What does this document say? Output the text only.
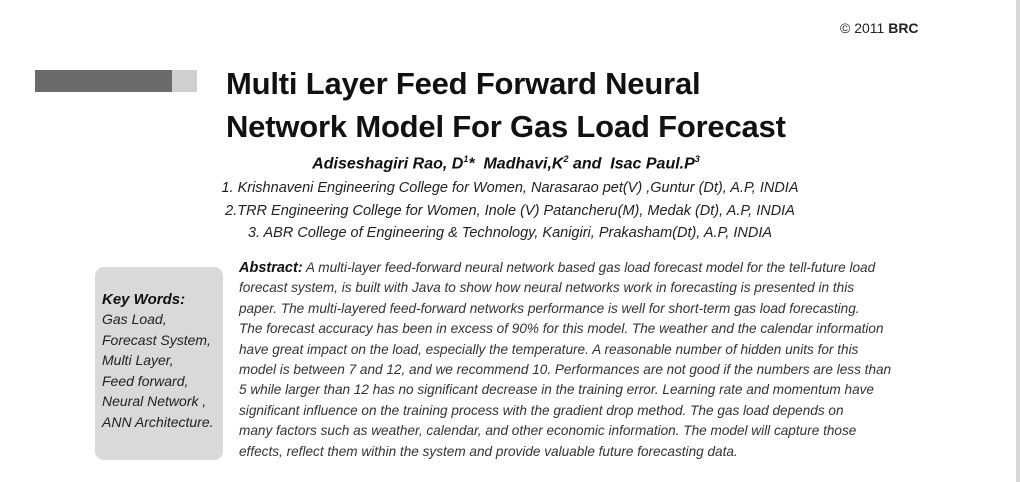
© 2011 BRC
Multi Layer Feed Forward Neural
Network Model For Gas Load Forecast
Adiseshagiri Rao, $D^1*$ $Madhavi,K^2$ and Isac $Paul.P^3$
1. Krishnaveni Engineering College for Women, Narasarao pet(V) ,Guntur (Dt), A.P, INDIA
2.TRR Engineering College for Women, Inole (V) Patancheru(M), Medak (Dt), A.P, INDIA
3. ABR College of Engineering & Technology, Kanigiri, Prakasham(Dt), A.P, INDIA
Key Words:
Gas Load,
Forecast System,
Multi Layer,
Feed forward,
Neural Network ,
ANN Architecture.
Abstract: A multi-layer feed-forward neural network based gas load forecast model for the tell-future load
forecast system, is built with Java to show how neural networks work in forecasting is presented in this
paper. The multi-layered feed-forward networks performance is well for short-term gas load forecasting.
The forecast accuracy has been in excess of 90% for this model. The weather and the calendar information
have great impact on the load, especially the temperature. A reasonable number of hidden units for this
model is between 7 and 12, and we recommend 10. Performances are not good if the numbers are less than
5 while larger than 12 has no significant decrease in the training error. Learning rate and momentum have
significant influence on the training process with the gradient drop method. The gas load depends on
many factors such as weather, calendar, and other economic information. The model will capture those
effects, reflect them within the system and provide valuable future forecasting data.
